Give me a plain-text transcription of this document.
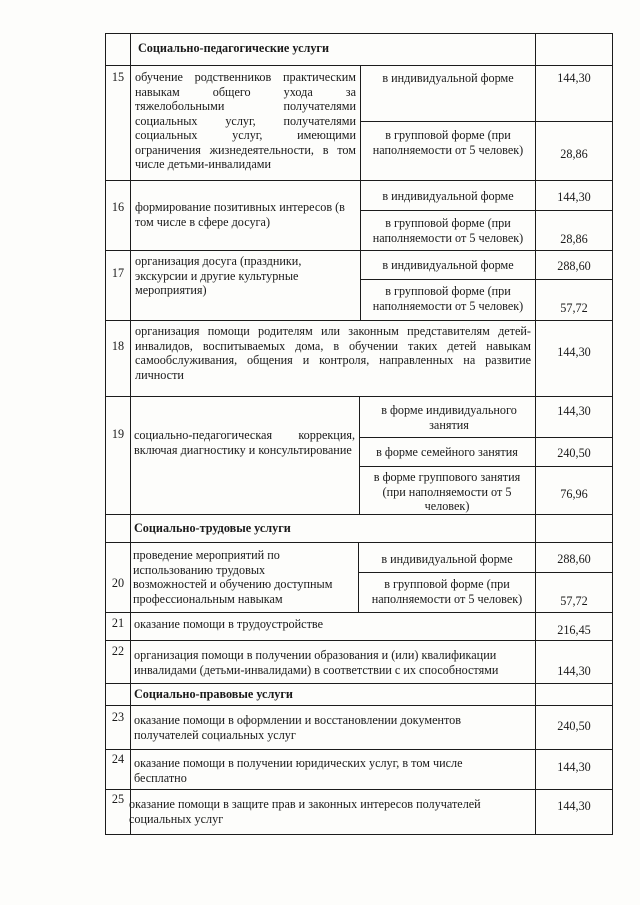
Социально-педагогические услуги
Социально-трудовые услуги
Социально-правовые услуги
15 обучение родственников практическим навыкам общего ухода за тяжелобольными получателями социальных услуг, получателями социальных услуг, имеющими ограничения жизнедеятельности, в том числе детьми-инвалидами
в индивидуальной форме
в групповой форме (при наполняемости от 5 человек)
144,30
28,86
16 формирование позитивных интересов (в том числе в сфере досуга)
в индивидуальной форме
в групповой форме (при наполняемости от 5 человек)
144,30
28,86
17
организация досуга (праздники, экскурсии и другие культурные мероприятия)
в индивидуальной форме
в групповой форме (при наполняемости от 5 человек)
288,60
57,72
18
организация помощи родителям или законным представителям детей-инвалидов, воспитываемых дома, в обучении таких детей навыкам самообслуживания, общения и контроля, направленных на развитие личности
144,30
19 социально-педагогическая коррекция, включая диагностику и консультирование
в форме индивидуального занятия
в форме семейного занятия
в форме группового занятия (при наполняемости от 5 человек)
144,30
240,50
76,96
20
проведение мероприятий по использованию трудовых возможностей и обучению доступным профессиональным навыкам
в индивидуальной форме
в групповой форме (при наполняемости от 5 человек)
288,60
57,72
21 оказание помощи в трудоустройстве	216,45
22 организация помощи в получении образования и (или) квалификации инвалидами (детьми-инвалидами) в соответствии с их способностями	144,30
23 оказание помощи в оформлении и восстановлении документов получателей социальных услуг
240,50
24 оказание помощи в получении юридических услуг, в том числе бесплатно
144,30
25 оказание помощи в защите прав и законных интересов получателей социальных услуг
144,30
